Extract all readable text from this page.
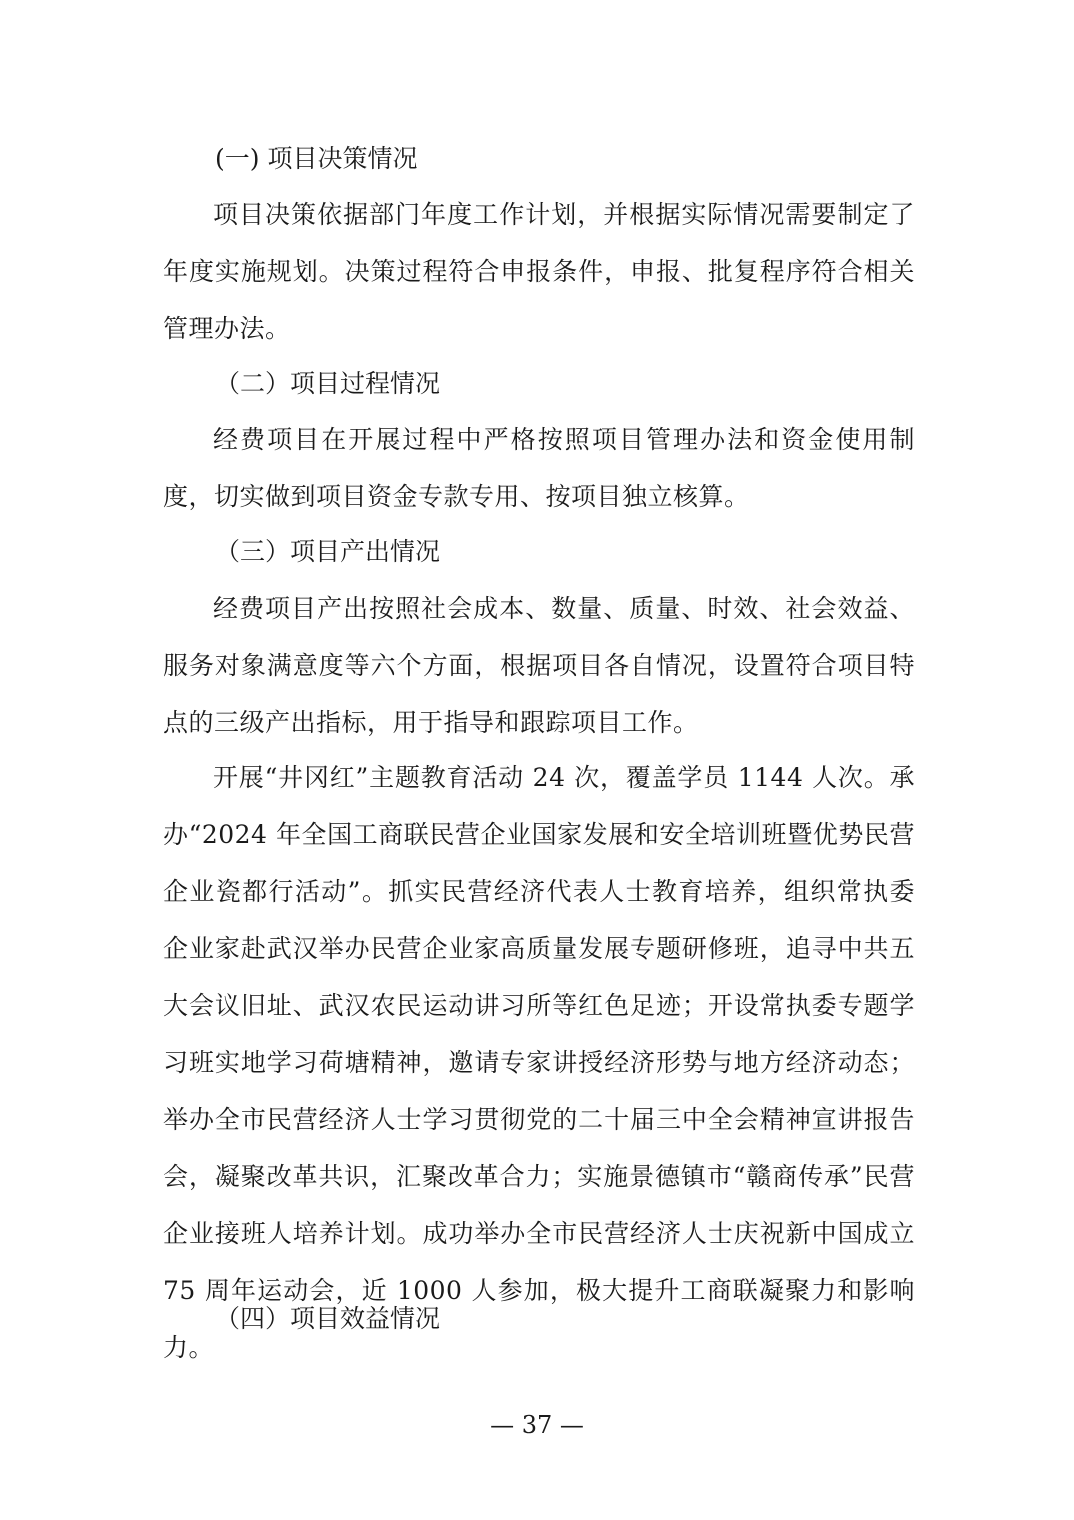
(一) 项目决策情况

项目决策依据部门年度工作计划，并根据实际情况需要制定了年度实施规划。决策过程符合申报条件，申报、批复程序符合相关管理办法。

（二）项目过程情况

经费项目在开展过程中严格按照项目管理办法和资金使用制度，切实做到项目资金专款专用、按项目独立核算。

（三）项目产出情况

经费项目产出按照社会成本、数量、质量、时效、社会效益、服务对象满意度等六个方面，根据项目各自情况，设置符合项目特点的三级产出指标，用于指导和跟踪项目工作。

开展“井冈红”主题教育活动 24 次，覆盖学员 1144 人次。承办“2024 年全国工商联民营企业国家发展和安全培训班暨优势民营企业瓷都行活动”。抓实民营经济代表人士教育培养，组织常执委企业家赴武汉举办民营企业家高质量发展专题研修班，追寻中共五大会议旧址、武汉农民运动讲习所等红色足迹；开设常执委专题学习班实地学习荷塘精神，邀请专家讲授经济形势与地方经济动态；举办全市民营经济人士学习贯彻党的二十届三中全会精神宣讲报告会，凝聚改革共识，汇聚改革合力；实施景德镇市“赣商传承”民营企业接班人培养计划。成功举办全市民营经济人士庆祝新中国成立 75 周年运动会，近 1000 人参加，极大提升工商联凝聚力和影响力。

（四）项目效益情况
— 37 —
